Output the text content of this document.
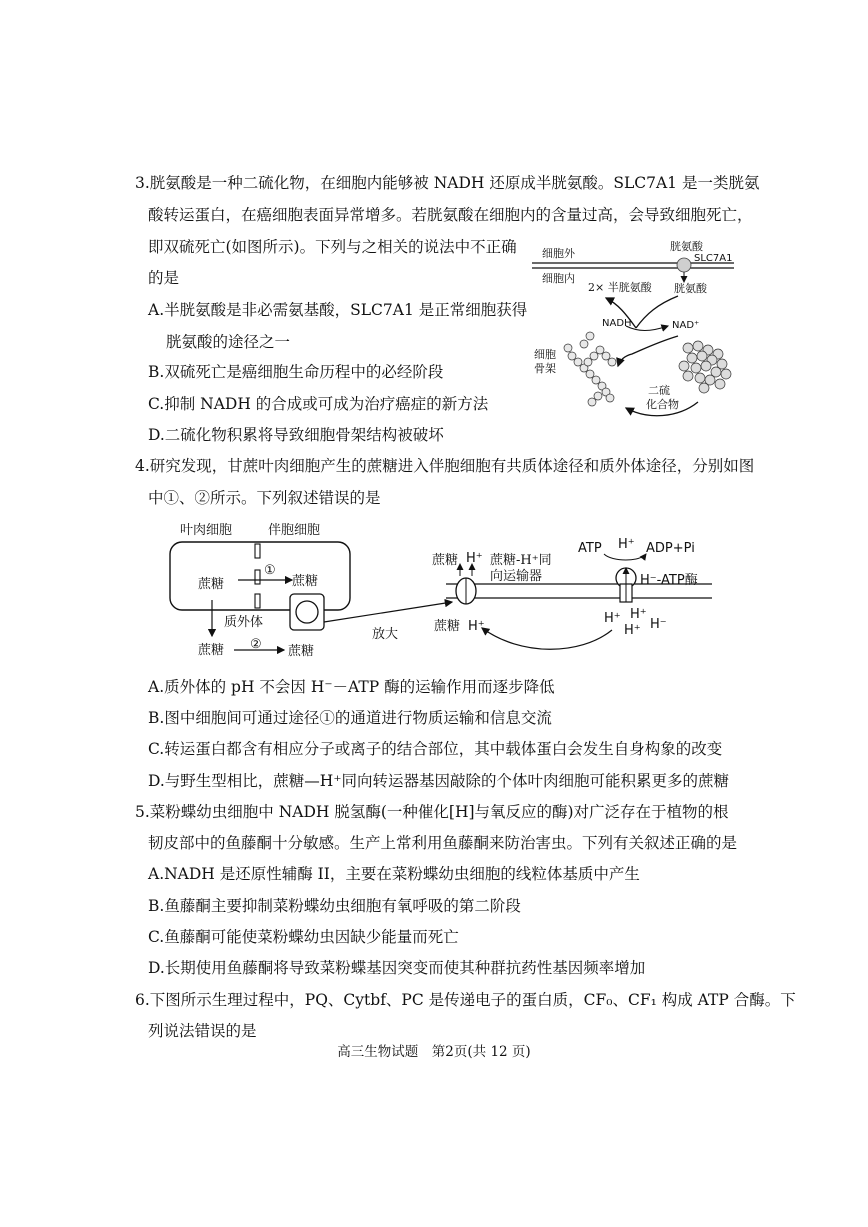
3.胱氨酸是一种二硫化物，在细胞内能够被 NADH 还原成半胱氨酸。SLC7A1 是一类胱氨
酸转运蛋白，在癌细胞表面异常增多。若胱氨酸在细胞内的含量过高，会导致细胞死亡，
即双硫死亡(如图所示)。下列与之相关的说法中不正确
的是
A.半胱氨酸是非必需氨基酸，SLC7A1 是正常细胞获得
胱氨酸的途径之一
B.双硫死亡是癌细胞生命历程中的必经阶段
C.抑制 NADH 的合成或可成为治疗癌症的新方法
D.二硫化物积累将导致细胞骨架结构被破坏
细胞外
细胞内
胱氨酸
SLC7A1
2× 半胱氨酸 胱氨酸
NADH	NAD⁺
细胞
骨架
二硫
化合物
4.研究发现，甘蔗叶肉细胞产生的蔗糖进入伴胞细胞有共质体途径和质外体途径，分别如图
中①、②所示。下列叙述错误的是
叶肉细胞	伴胞细胞
蔗糖
①
蔗糖
质外体
蔗糖 ② 蔗糖
放大
蔗糖 H⁺ 蔗糖-H⁺同
向运输器
蔗糖 H⁺
ATP H⁺ ADP+Pi
H⁻-ATP酶
H⁺ H⁺
H⁻
H⁺
A.质外体的 pH 不会因 H⁻－ATP 酶的运输作用而逐步降低
B.图中细胞间可通过途径①的通道进行物质运输和信息交流
C.转运蛋白都含有相应分子或离子的结合部位，其中载体蛋白会发生自身构象的改变
D.与野生型相比，蔗糖—H⁺同向转运器基因敲除的个体叶肉细胞可能积累更多的蔗糖
5.菜粉蝶幼虫细胞中 NADH 脱氢酶(一种催化[H]与氧反应的酶)对广泛存在于植物的根
韧皮部中的鱼藤酮十分敏感。生产上常利用鱼藤酮来防治害虫。下列有关叙述正确的是
A.NADH 是还原性辅酶 II，主要在菜粉蝶幼虫细胞的线粒体基质中产生
B.鱼藤酮主要抑制菜粉蝶幼虫细胞有氧呼吸的第二阶段
C.鱼藤酮可能使菜粉蝶幼虫因缺少能量而死亡
D.长期使用鱼藤酮将导致菜粉蝶基因突变而使其种群抗药性基因频率增加
6.下图所示生理过程中，PQ、Cytbf、PC 是传递电子的蛋白质，CF₀、CF₁ 构成 ATP 合酶。下
列说法错误的是
高三生物试题　第2页(共 12 页)
